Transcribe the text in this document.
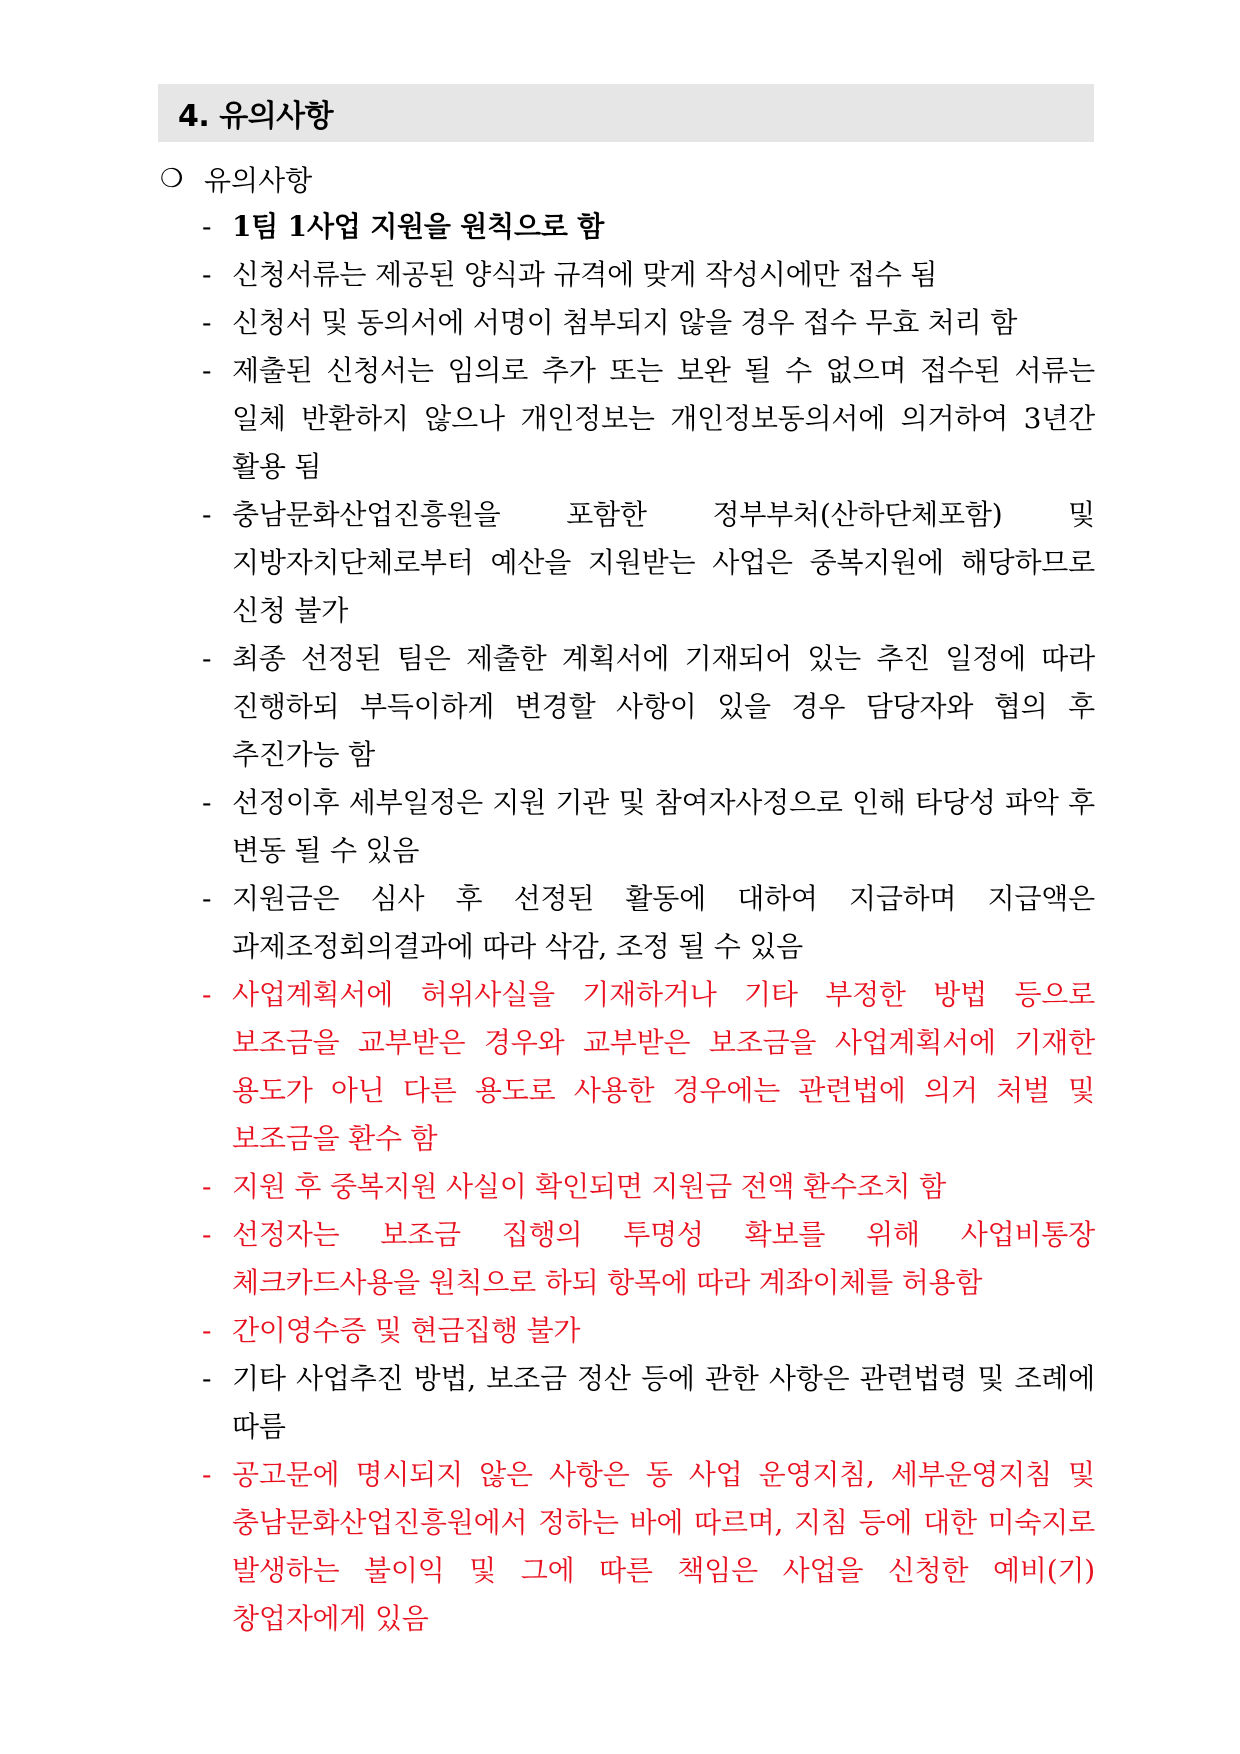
4. 유의사항
❍ 유의사항
- 1팀 1사업 지원을 원칙으로 함
- 신청서류는 제공된 양식과 규격에 맞게 작성시에만 접수 됨
- 신청서 및 동의서에 서명이 첨부되지 않을 경우 접수 무효 처리 함
- 제출된 신청서는 임의로 추가 또는 보완 될 수 없으며 접수된 서류는 일체 반환하지 않으나 개인정보는 개인정보동의서에 의거하여 3년간 활용 됨
- 충남문화산업진흥원을 포함한 정부부처(산하단체포함) 및 지방자치단체로부터 예산을 지원받는 사업은 중복지원에 해당하므로 신청 불가
- 최종 선정된 팀은 제출한 계획서에 기재되어 있는 추진 일정에 따라 진행하되 부득이하게 변경할 사항이 있을 경우 담당자와 협의 후 추진가능 함
- 선정이후 세부일정은 지원 기관 및 참여자사정으로 인해 타당성 파악 후 변동 될 수 있음
- 지원금은 심사 후 선정된 활동에 대하여 지급하며 지급액은 과제조정회의결과에 따라 삭감, 조정 될 수 있음
- 사업계획서에 허위사실을 기재하거나 기타 부정한 방법 등으로 보조금을 교부받은 경우와 교부받은 보조금을 사업계획서에 기재한 용도가 아닌 다른 용도로 사용한 경우에는 관련법에 의거 처벌 및 보조금을 환수 함
- 지원 후 중복지원 사실이 확인되면 지원금 전액 환수조치 함
- 선정자는 보조금 집행의 투명성 확보를 위해 사업비통장 체크카드사용을 원칙으로 하되 항목에 따라 계좌이체를 허용함
- 간이영수증 및 현금집행 불가
- 기타 사업추진 방법, 보조금 정산 등에 관한 사항은 관련법령 및 조례에 따름
- 공고문에 명시되지 않은 사항은 동 사업 운영지침, 세부운영지침 및 충남문화산업진흥원에서 정하는 바에 따르며, 지침 등에 대한 미숙지로 발생하는 불이익 및 그에 따른 책임은 사업을 신청한 예비(기)창업자에게 있음
